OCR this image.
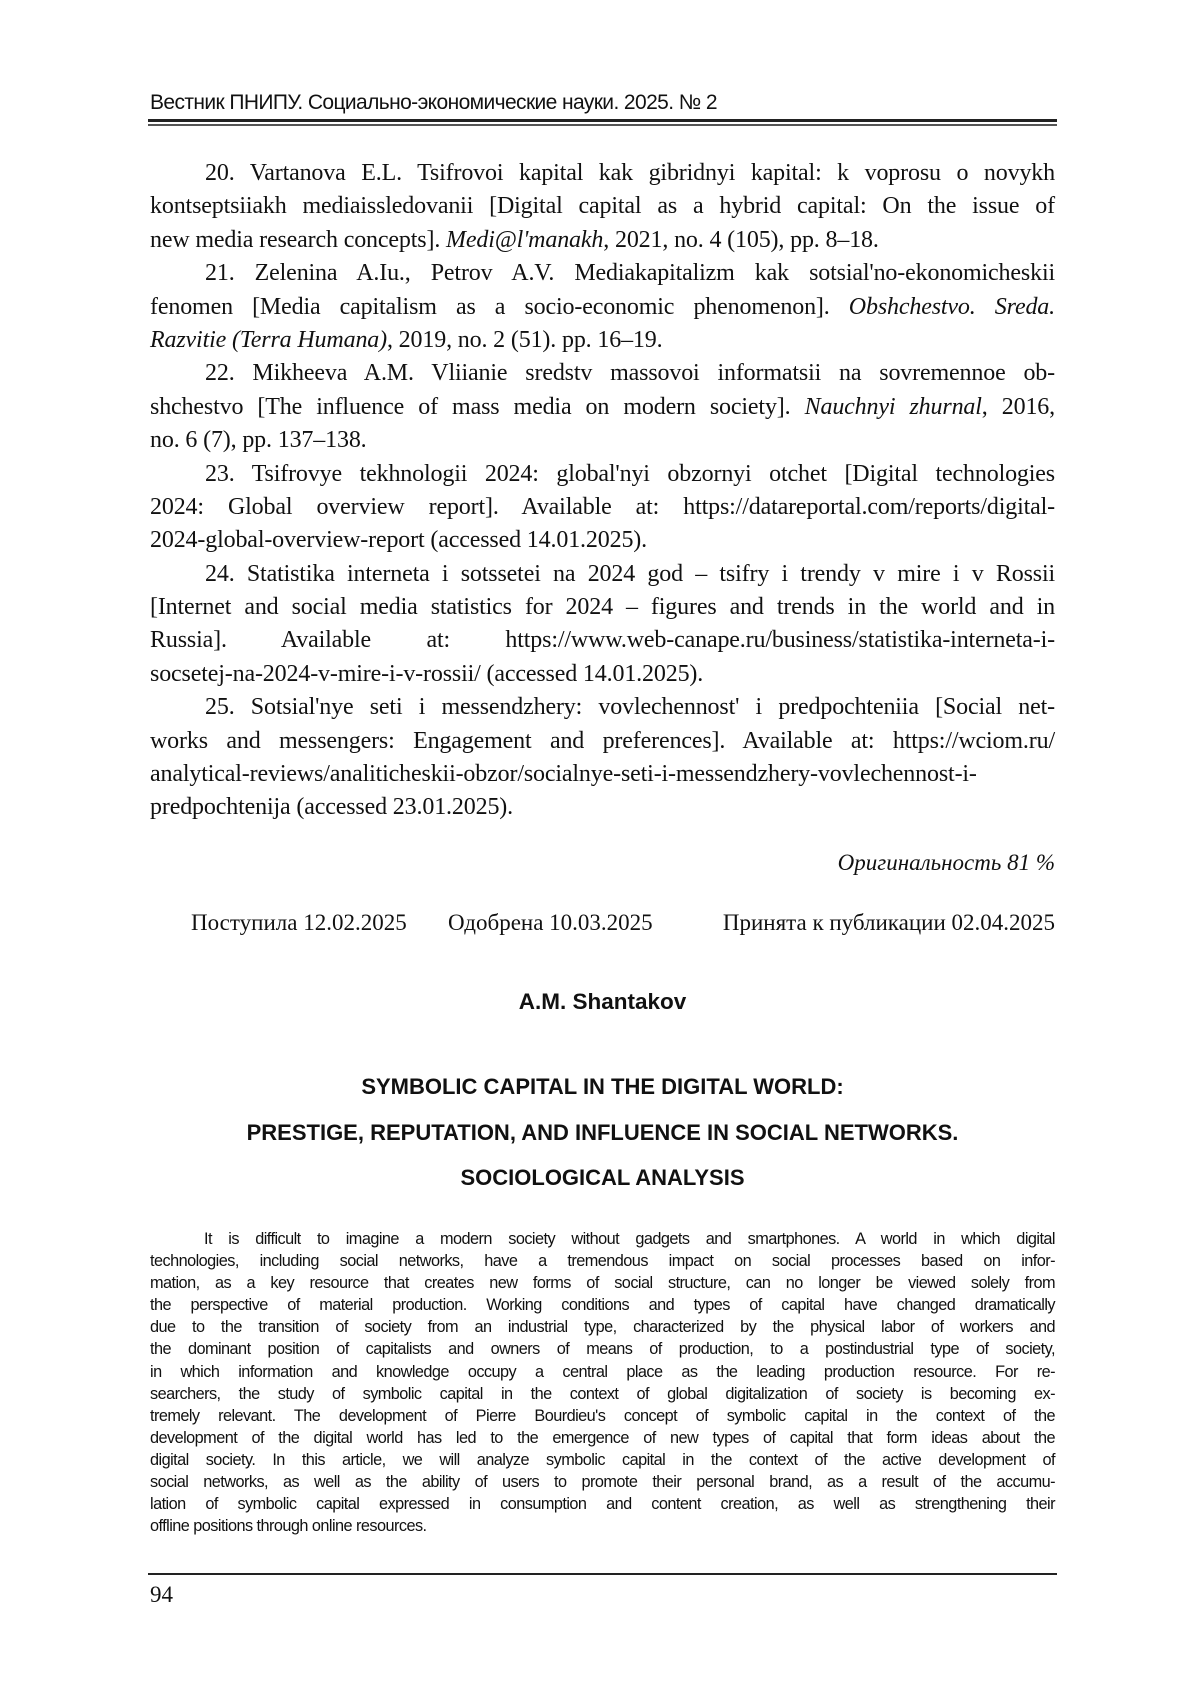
Вестник ПНИПУ. Социально-экономические науки. 2025. № 2
20. Vartanova E.L. Tsifrovoi kapital kak gibridnyi kapital: k voprosu o novykh
kontseptsiiakh mediaissledovanii [Digital capital as a hybrid capital: On the issue of
new media research concepts]. Medi@l'manakh, 2021, no. 4 (105), pp. 8–18.
21. Zelenina A.Iu., Petrov A.V. Mediakapitalizm kak sotsial'no-ekonomicheskii
fenomen [Media capitalism as a socio-economic phenomenon]. Obshchestvo. Sreda.
Razvitie (Terra Humana), 2019, no. 2 (51). pp. 16–19.
22. Mikheeva A.M. Vliianie sredstv massovoi informatsii na sovremennoe ob-
shchestvo [The influence of mass media on modern society]. Nauchnyi zhurnal, 2016,
no. 6 (7), pp. 137–138.
23. Tsifrovye tekhnologii 2024: global'nyi obzornyi otchet [Digital technologies
2024: Global overview report]. Available at: https://datareportal.com/reports/digital-
2024-global-overview-report (accessed 14.01.2025).
24. Statistika interneta i sotssetei na 2024 god – tsifry i trendy v mire i v Rossii
[Internet and social media statistics for 2024 – figures and trends in the world and in
Russia]. Available at: https://www.web-canape.ru/business/statistika-interneta-i-
socsetej-na-2024-v-mire-i-v-rossii/ (accessed 14.01.2025).
25. Sotsial'nye seti i messendzhery: vovlechennost' i predpochteniia [Social net-
works and messengers: Engagement and preferences]. Available at: https://wciom.ru/
analytical-reviews/analiticheskii-obzor/socialnye-seti-i-messendzhery-vovlechennost-i-
predpochtenija (accessed 23.01.2025).
Оригинальность 81 %
Поступила 12.02.2025 Одобрена 10.03.2025	Принята к публикации 02.04.2025
A.M. Shantakov
SYMBOLIC CAPITAL IN THE DIGITAL WORLD:
PRESTIGE, REPUTATION, AND INFLUENCE IN SOCIAL NETWORKS.
SOCIOLOGICAL ANALYSIS
It is difficult to imagine a modern society without gadgets and smartphones. A world in which digital
technologies, including social networks, have a tremendous impact on social processes based on infor-
mation, as a key resource that creates new forms of social structure, can no longer be viewed solely from
the perspective of material production. Working conditions and types of capital have changed dramatically
due to the transition of society from an industrial type, characterized by the physical labor of workers and
the dominant position of capitalists and owners of means of production, to a postindustrial type of society,
in which information and knowledge occupy a central place as the leading production resource. For re-
searchers, the study of symbolic capital in the context of global digitalization of society is becoming ex-
tremely relevant. The development of Pierre Bourdieu's concept of symbolic capital in the context of the
development of the digital world has led to the emergence of new types of capital that form ideas about the
digital society. In this article, we will analyze symbolic capital in the context of the active development of
social networks, as well as the ability of users to promote their personal brand, as a result of the accumu-
lation of symbolic capital expressed in consumption and content creation, as well as strengthening their
offline positions through online resources.
94
